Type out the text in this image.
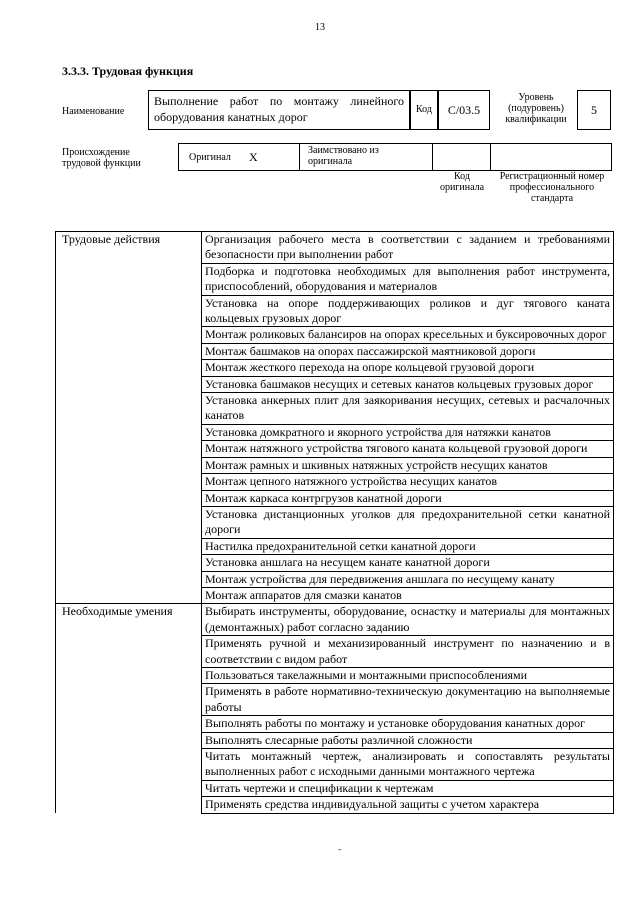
13
3.3.3. Трудовая функция
Наименование
Выполнение работ по монтажу линейного оборудования канатных дорог
Код	C/03.5
Уровень (подуровень) квалификации
5
Происхождение трудовой функции
Оригинал X	Заимствовано из оригинала
Код оригинала
Регистрационный номер профессионального стандарта
Трудовые действия	Организация рабочего места в соответствии с заданием и требованиями безопасности при выполнении работ
	Подборка и подготовка необходимых для выполнения работ инструмента, приспособлений, оборудования и материалов
	Установка на опоре поддерживающих роликов и дуг тягового каната кольцевых грузовых дорог
	Монтаж роликовых балансиров на опорах кресельных и буксировочных дорог
	Монтаж башмаков на опорах пассажирской маятниковой дороги
	Монтаж жесткого перехода на опоре кольцевой грузовой дороги
	Установка башмаков несущих и сетевых канатов кольцевых грузовых дорог
	Установка анкерных плит для заякоривания несущих, сетевых и расчалочных канатов
	Установка домкратного и якорного устройства для натяжки канатов
	Монтаж натяжного устройства тягового каната кольцевой грузовой дороги
	Монтаж рамных и шкивных натяжных устройств несущих канатов
	Монтаж цепного натяжного устройства несущих канатов
	Монтаж каркаса контргрузов канатной дороги
	Установка дистанционных уголков для предохранительной сетки канатной дороги
	Настилка предохранительной сетки канатной дороги
	Установка аншлага на несущем канате канатной дороги
	Монтаж устройства для передвижения аншлага по несущему канату
	Монтаж аппаратов для смазки канатов
Необходимые умения	Выбирать инструменты, оборудование, оснастку и материалы для монтажных (демонтажных) работ согласно заданию
	Применять ручной и механизированный инструмент по назначению и в соответствии с видом работ
	Пользоваться такелажными и монтажными приспособлениями
	Применять в работе нормативно-техническую документацию на выполняемые работы
	Выполнять работы по монтажу и установке оборудования канатных дорог
	Выполнять слесарные работы различной сложности
	Читать монтажный чертеж, анализировать и сопоставлять результаты выполненных работ с исходными данными монтажного чертежа
	Читать чертежи и спецификации к чертежам
	Применять средства индивидуальной защиты с учетом характера
˗
